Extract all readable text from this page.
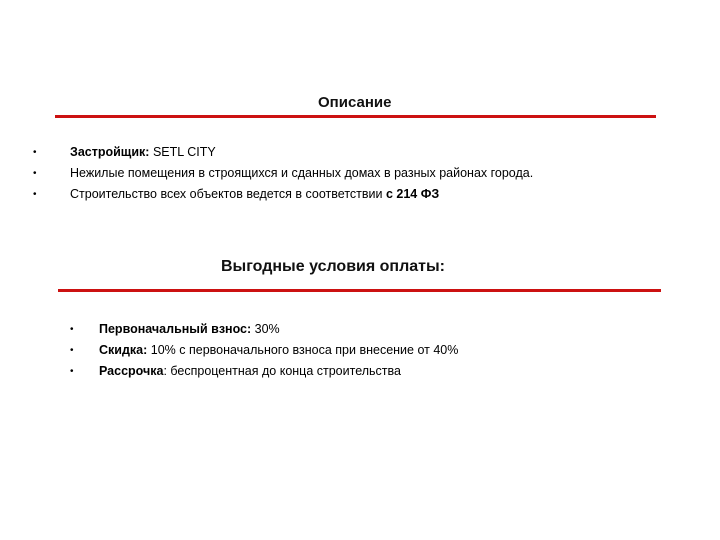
Описание
•	Застройщик: SETL CITY
•	Нежилые помещения в строящихся и сданных домах в разных районах города.
•	Строительство всех объектов ведется в соответствии с 214 ФЗ
Выгодные условия оплаты:
• Первоначальный взнос: 30%
• Скидка: 10% с первоначального взноса при внесение от 40%
• Рассрочка: беспроцентная до конца строительства
